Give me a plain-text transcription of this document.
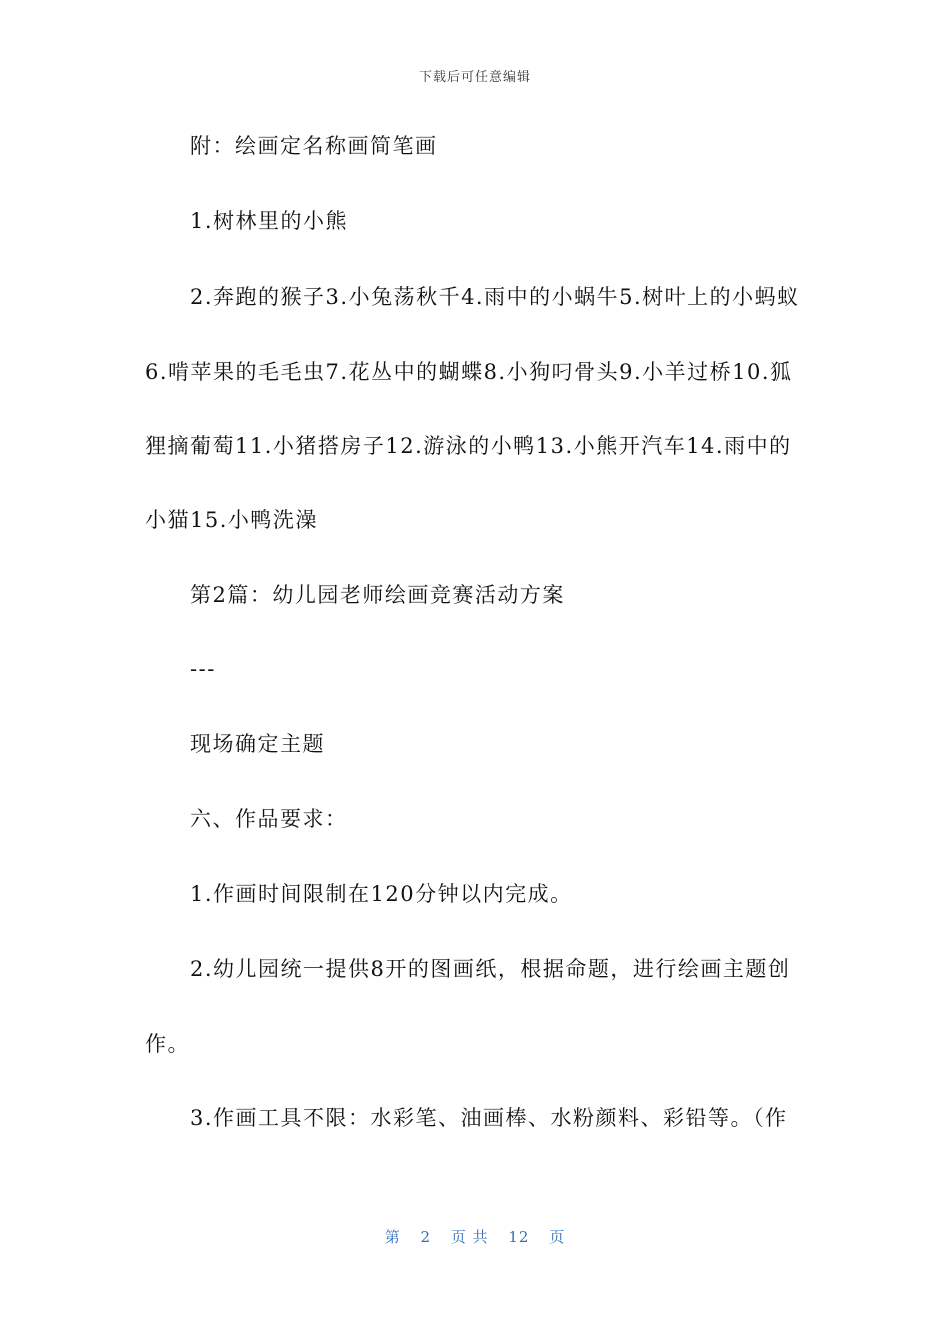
下载后可任意编辑
附：绘画定名称画简笔画
1.树林里的小熊
2.奔跑的猴子3.小兔荡秋千4.雨中的小蜗牛5.树叶上的小蚂蚁
6.啃苹果的毛毛虫7.花丛中的蝴蝶8.小狗叼骨头9.小羊过桥10.狐
狸摘葡萄11.小猪搭房子12.游泳的小鸭13.小熊开汽车14.雨中的
小猫15.小鸭洗澡
第2篇：幼儿园老师绘画竞赛活动方案
---
现场确定主题
六、作品要求：
1.作画时间限制在120分钟以内完成。
2.幼儿园统一提供8开的图画纸，根据命题，进行绘画主题创
作。
3.作画工具不限：水彩笔、油画棒、水粉颜料、彩铅等。（作
第 2 页 共 12 页
